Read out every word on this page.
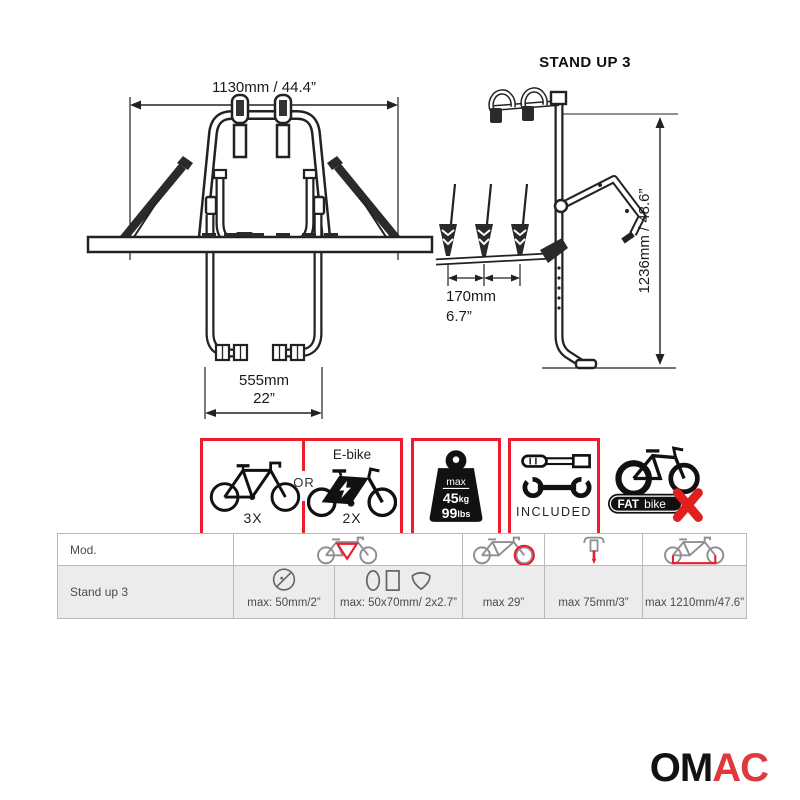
1130mm / 44.4”
555mm
22”
STAND UP 3
1236mm / 48.6”
170mm
6.7”
3X
OR
E-bike
2X
max
45kg
99lbs	INCLUDED
FAT bike
Mod.
Stand up 3
max: 50mm/2” max: 50x70mm/ 2x2.7” max 29”	max 75mm/3” max 1210mm/47.6”
OMAC
